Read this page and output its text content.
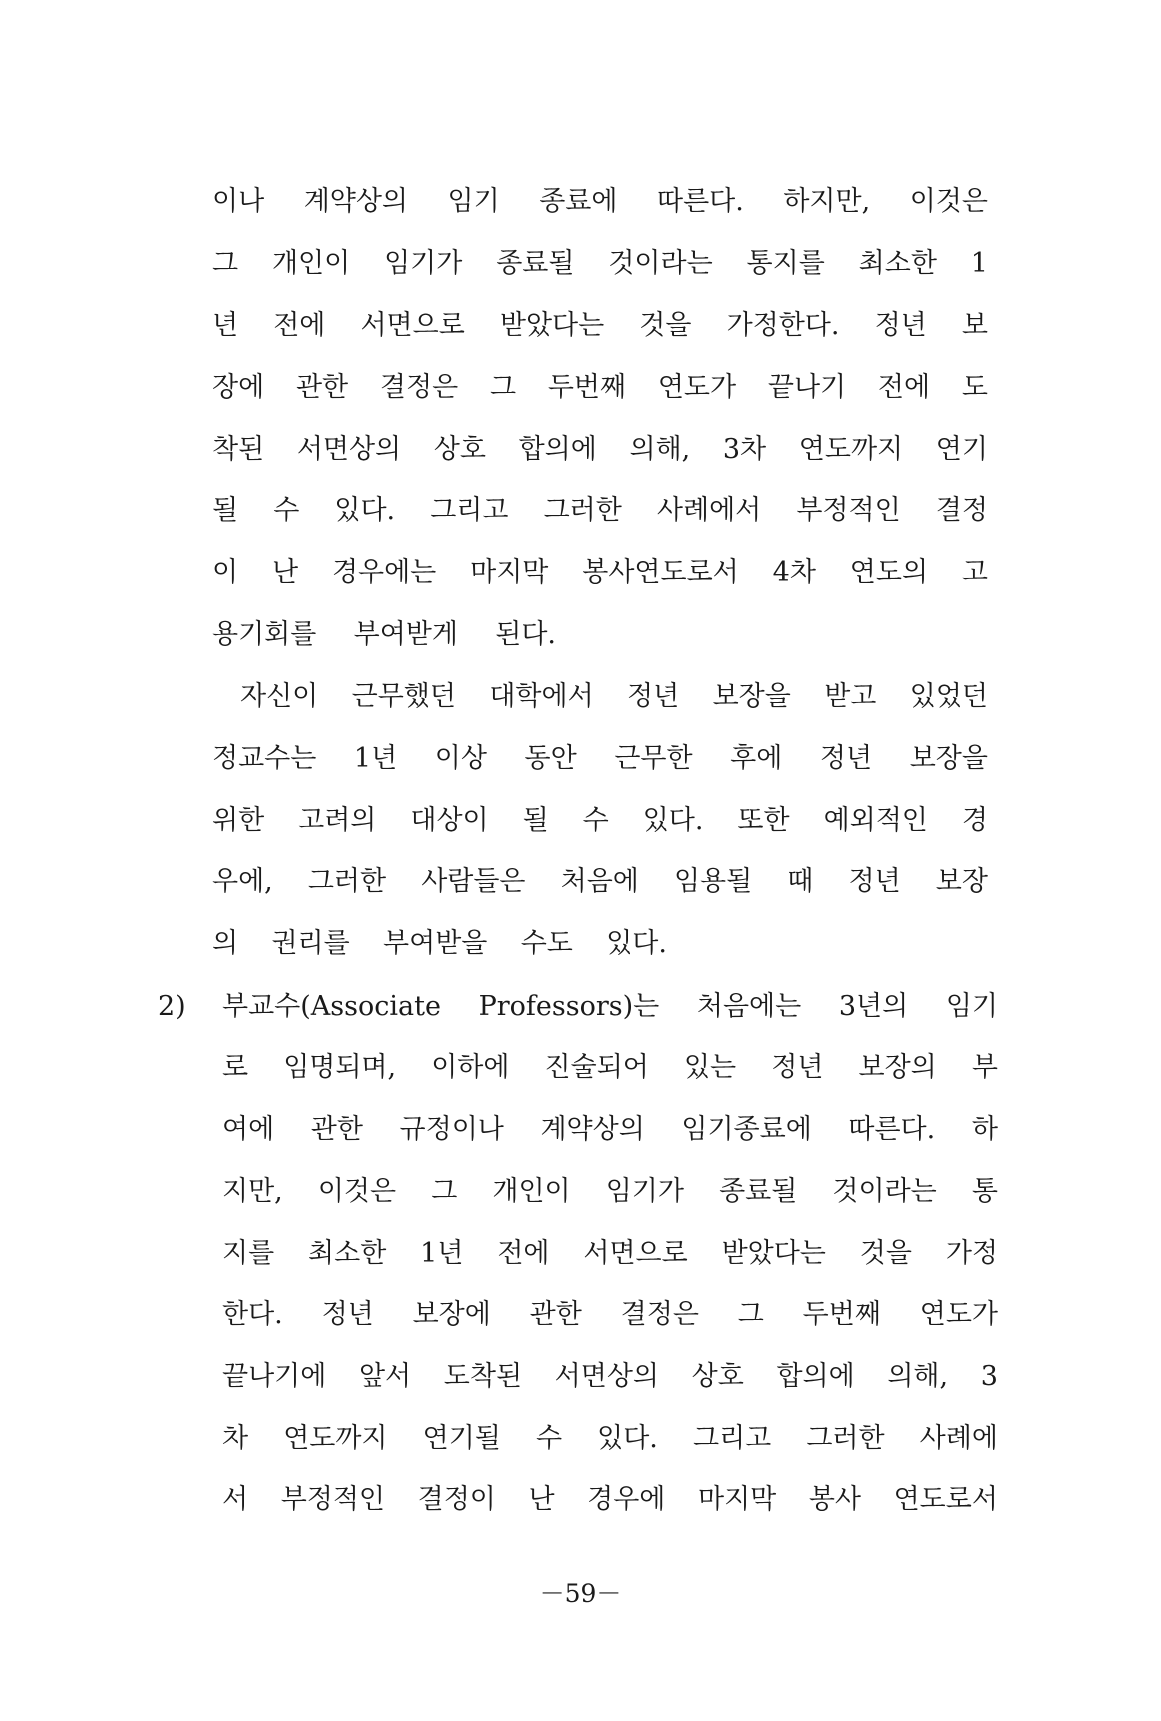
이나 계약상의 임기 종료에 따른다. 하지만, 이것은
그 개인이 임기가 종료될 것이라는 통지를 최소한 1
년 전에 서면으로 받았다는 것을 가정한다. 정년 보
장에 관한 결정은 그 두번째 연도가 끝나기 전에 도
착된 서면상의 상호 합의에 의해, 3차 연도까지 연기
될 수 있다. 그리고 그러한 사례에서 부정적인 결정
이 난 경우에는 마지막 봉사연도로서 4차 연도의 고
용기회를 부여받게 된다.
자신이 근무했던 대학에서 정년 보장을 받고 있었던
정교수는 1년 이상 동안 근무한 후에 정년 보장을
위한 고려의 대상이 될 수 있다. 또한 예외적인 경
우에, 그러한 사람들은 처음에 임용될 때 정년 보장
의 권리를 부여받을 수도 있다.
2) 부교수(Associate Professors)는 처음에는 3년의 임기
로 임명되며, 이하에 진술되어 있는 정년 보장의 부
여에 관한 규정이나 계약상의 임기종료에 따른다. 하
지만, 이것은 그 개인이 임기가 종료될 것이라는 통
지를 최소한 1년 전에 서면으로 받았다는 것을 가정
한다. 정년 보장에 관한 결정은 그 두번째 연도가
끝나기에 앞서 도착된 서면상의 상호 합의에 의해, 3
차 연도까지 연기될 수 있다. 그리고 그러한 사례에
서 부정적인 결정이 난 경우에 마지막 봉사 연도로서
－59－
